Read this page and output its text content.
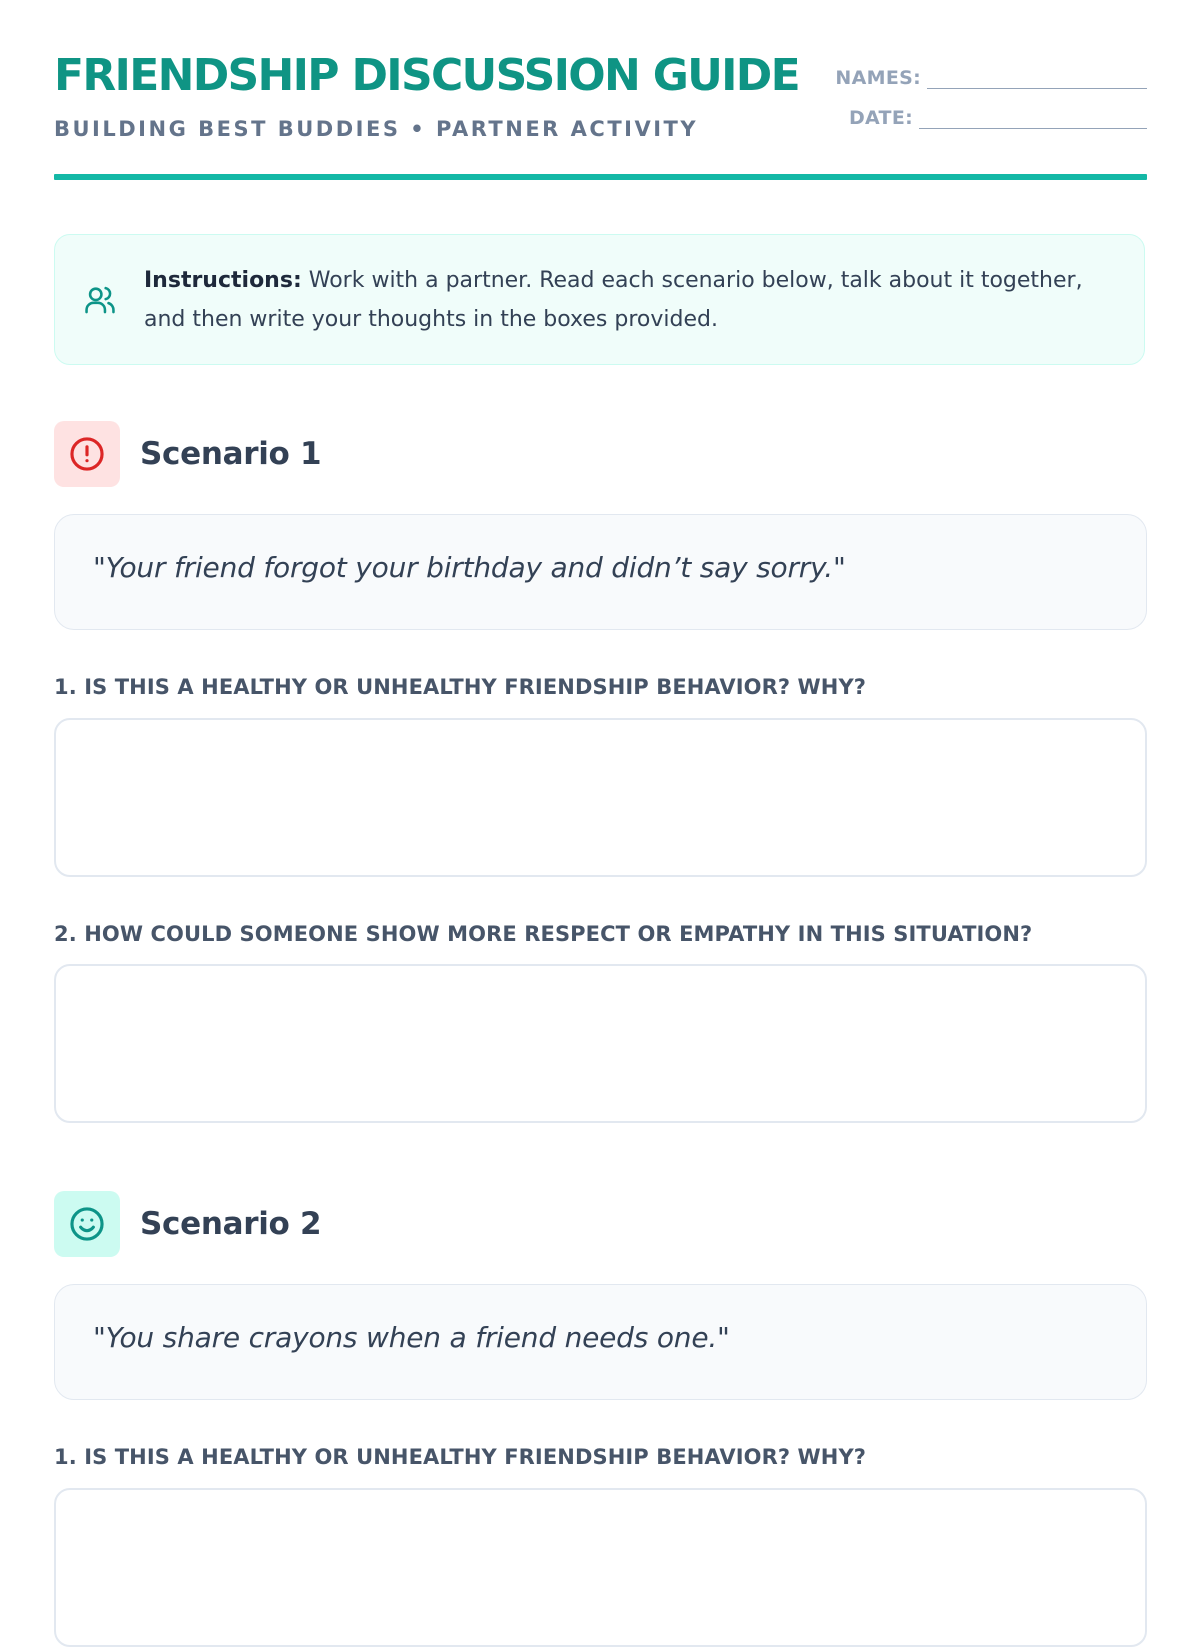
FRIENDSHIP DISCUSSION GUIDE
BUILDING BEST BUDDIES • PARTNER ACTIVITY
NAMES:
DATE:
Instructions: Work with a partner. Read each scenario below, talk about it together, and then write your thoughts in the boxes provided.
Scenario 1
"Your friend forgot your birthday and didn’t say sorry."
1. IS THIS A HEALTHY OR UNHEALTHY FRIENDSHIP BEHAVIOR? WHY?
2. HOW COULD SOMEONE SHOW MORE RESPECT OR EMPATHY IN THIS SITUATION?
Scenario 2
"You share crayons when a friend needs one."
1. IS THIS A HEALTHY OR UNHEALTHY FRIENDSHIP BEHAVIOR? WHY?
